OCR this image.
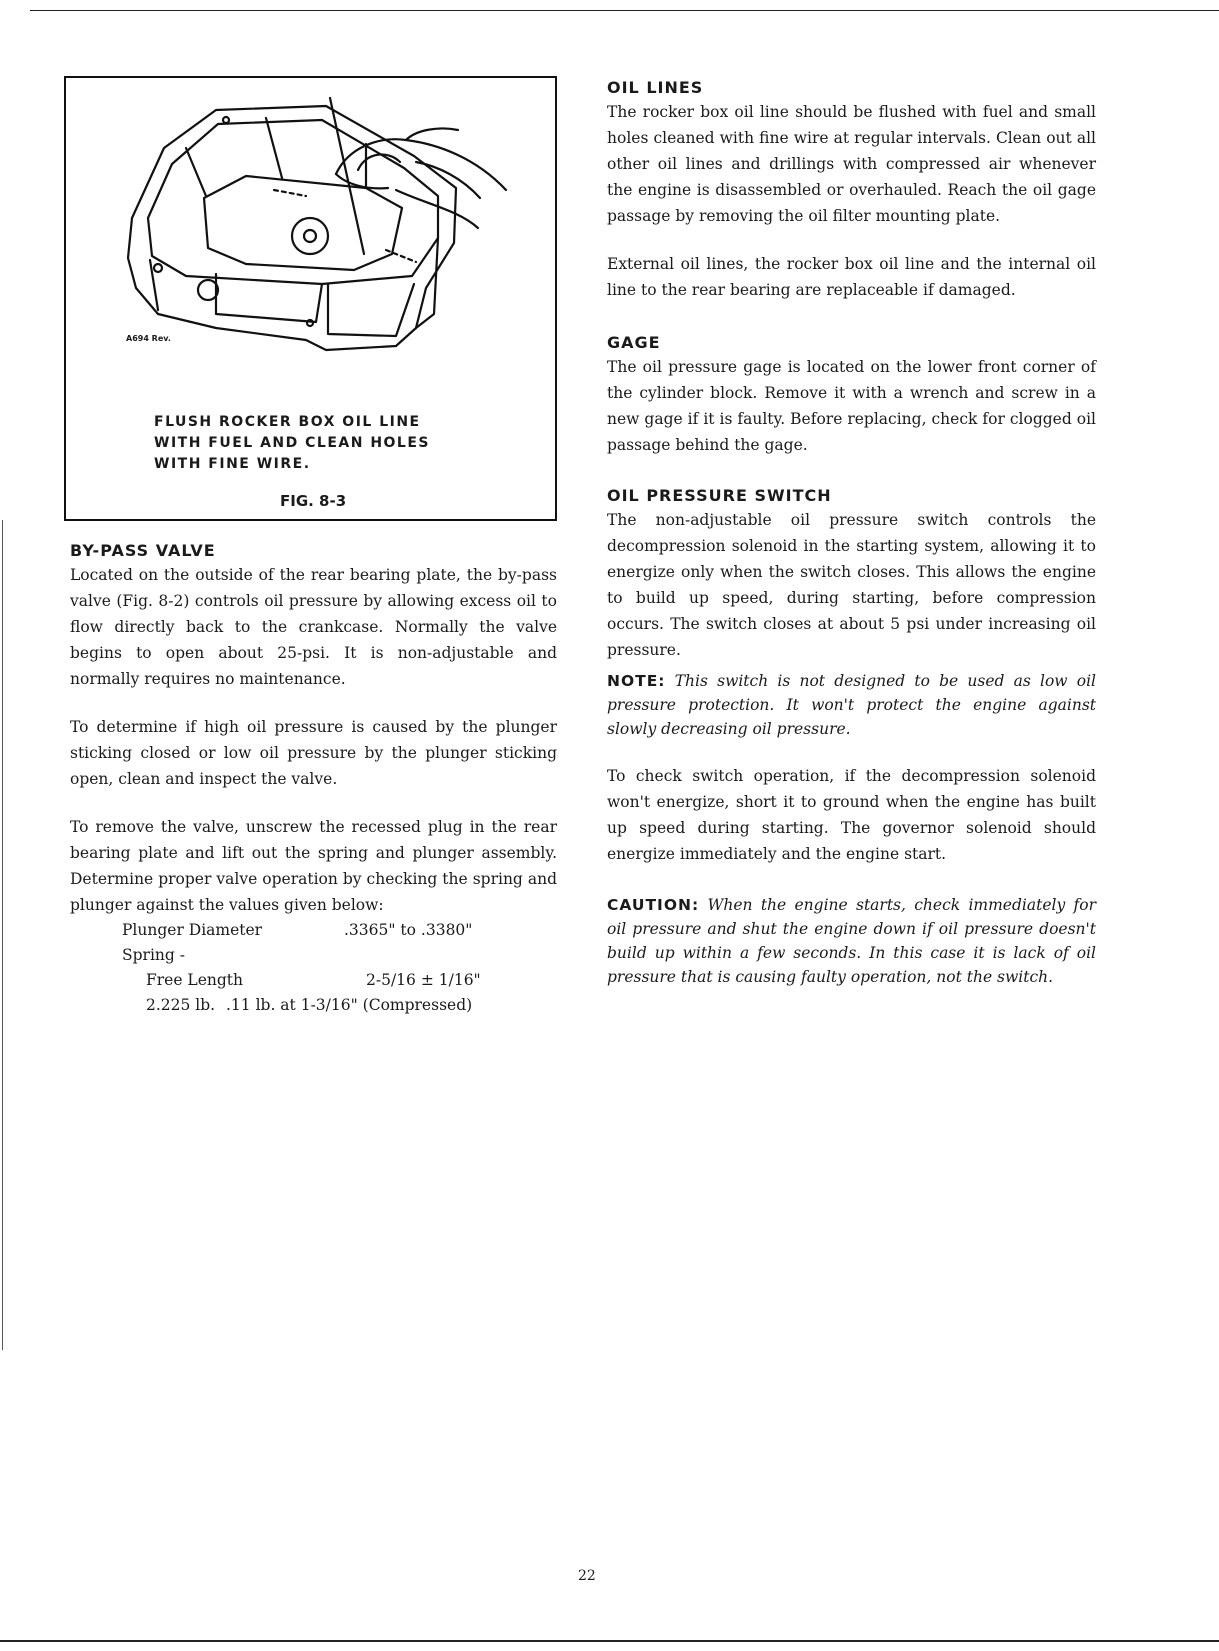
A694 Rev.
FLUSH ROCKER BOX OIL LINE
WITH FUEL AND CLEAN HOLES
WITH FINE WIRE.
FIG. 8-3
BY-PASS VALVE

Located on the outside of the rear bearing plate, the by-pass valve (Fig. 8-2) controls oil pressure by allowing excess oil to flow directly back to the crankcase. Normally the valve begins to open about 25-psi. It is non-adjustable and normally requires no maintenance.

To determine if high oil pressure is caused by the plunger sticking closed or low oil pressure by the plunger sticking open, clean and inspect the valve.

To remove the valve, unscrew the recessed plug in the rear bearing plate and lift out the spring and plunger assembly. Determine proper valve operation by checking the spring and plunger against the values given below:

Plunger Diameter	.3365" to .3380"
Spring -
Free Length	2-5/16 ± 1/16"
2.225 lb. .11 lb. at 1-3/16" (Compressed)
OIL LINES

The rocker box oil line should be flushed with fuel and small holes cleaned with fine wire at regular intervals. Clean out all other oil lines and drillings with compressed air whenever the engine is disassembled or overhauled. Reach the oil gage passage by removing the oil filter mounting plate.

External oil lines, the rocker box oil line and the internal oil line to the rear bearing are replaceable if damaged.

GAGE

The oil pressure gage is located on the lower front corner of the cylinder block. Remove it with a wrench and screw in a new gage if it is faulty. Before replacing, check for clogged oil passage behind the gage.

OIL PRESSURE SWITCH

The non-adjustable oil pressure switch controls the decompression solenoid in the starting system, allowing it to energize only when the switch closes. This allows the engine to build up speed, during starting, before compression occurs. The switch closes at about 5 psi under increasing oil pressure.

NOTE: This switch is not designed to be used as low oil pressure protection. It won't protect the engine against slowly decreasing oil pressure.

To check switch operation, if the decompression solenoid won't energize, short it to ground when the engine has built up speed during starting. The governor solenoid should energize immediately and the engine start.

CAUTION: When the engine starts, check immediately for oil pressure and shut the engine down if oil pressure doesn't build up within a few seconds. In this case it is lack of oil pressure that is causing faulty operation, not the switch.

22
